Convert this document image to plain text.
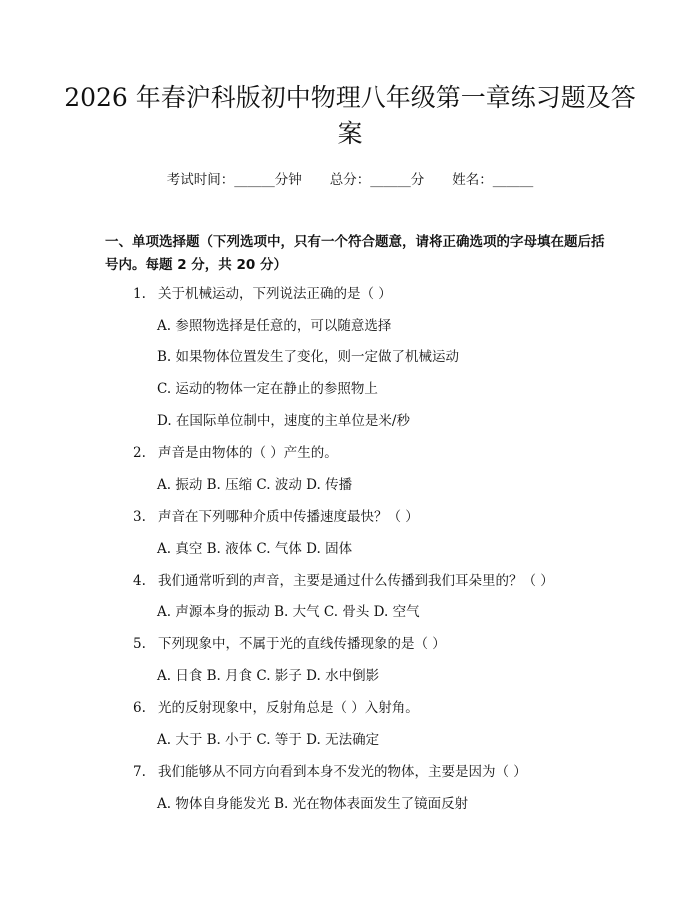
2026 年春沪科版初中物理八年级第一章练习题及答案
考试时间：______分钟 总分：______分 姓名：______
一、单项选择题（下列选项中，只有一个符合题意，请将正确选项的字母填在题后括号内。每题 2 分，共 20 分）
1. 关于机械运动，下列说法正确的是（ ）
A. 参照物选择是任意的，可以随意选择
B. 如果物体位置发生了变化，则一定做了机械运动
C. 运动的物体一定在静止的参照物上
D. 在国际单位制中，速度的主单位是米/秒
2. 声音是由物体的（ ）产生的。
A. 振动 B. 压缩 C. 波动 D. 传播
3. 声音在下列哪种介质中传播速度最快？（ ）
A. 真空 B. 液体 C. 气体 D. 固体
4. 我们通常听到的声音，主要是通过什么传播到我们耳朵里的？（ ）
A. 声源本身的振动 B. 大气 C. 骨头 D. 空气
5. 下列现象中，不属于光的直线传播现象的是（ ）
A. 日食 B. 月食 C. 影子 D. 水中倒影
6. 光的反射现象中，反射角总是（ ）入射角。
A. 大于 B. 小于 C. 等于 D. 无法确定
7. 我们能够从不同方向看到本身不发光的物体，主要是因为（ ）
A. 物体自身能发光 B. 光在物体表面发生了镜面反射
